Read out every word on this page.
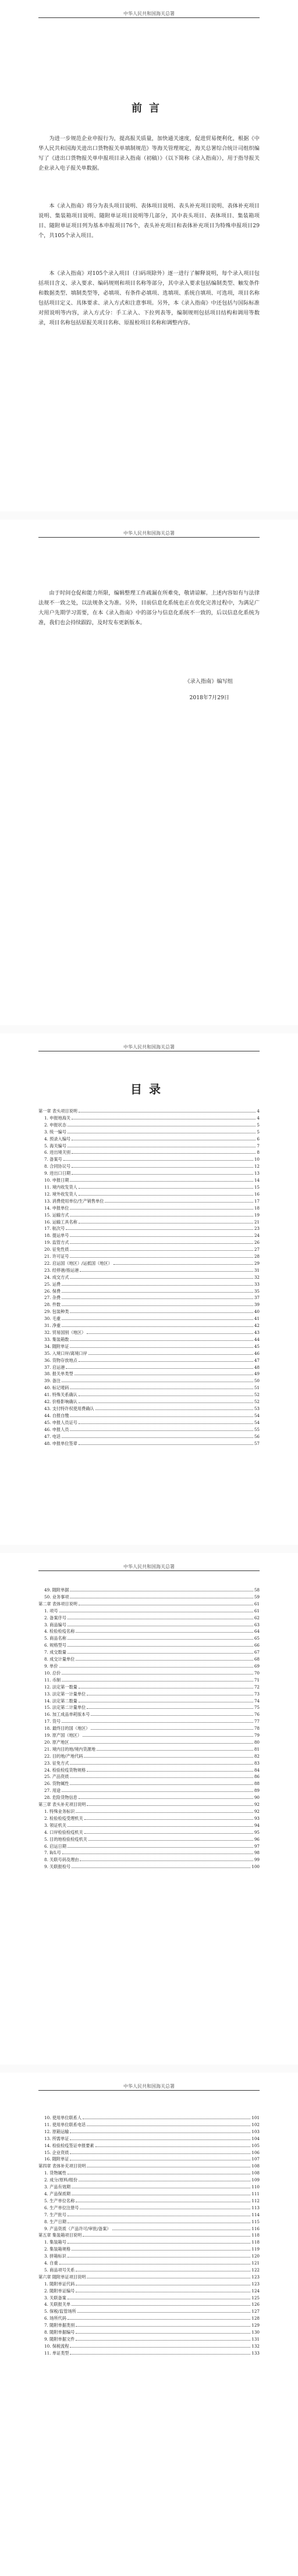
中华人民共和国海关总署
前言

为进一步规范企业申报行为，提高报关质量，加快通关速度，促进贸易便利化，根据《中华人民共和国海关进出口货物报关单填制规范》等海关管理规定，海关总署综合统计司组织编写了《进出口货物报关单申报项目录入指南（初稿）》（以下简称《录入指南》），用于指导报关企业录入电子报关单数据。

本《录入指南》将分为表头项目说明、表体项目说明、表头补充项目说明、表体补充项目说明、集装箱项目说明、随附单证项目说明等几部分，其中表头项目、表体项目、集装箱项目、随附单证项目列为基本申报项目76个，表头补充项目和表体补充项目为特殊申报项目29个，共105个录入项目。

本《录入指南》对105个录入项目（扫码项除外）逐一进行了解释说明，每个录入项目包括项目含义、录入要求、编码规则和项目名称等部分，其中录入要求包括编制类型、触发条件和数据类型、填制类型等，必填项、有条件必填项、选填项、系统自填项、可选项，项目名称包括项目定义、具体要求、录入方式和注意事项。另外，本《录入指南》中还包括与国际标准对照说明等内容，录入方式分：手工录入、下拉列表等，编制规则包括项目结构和调用等数录，项目名称包括原报关项目名称、原报检项目名称和调整内容。

中华人民共和国海关总署

由于时间仓促和能力所限，编辑整理工作疏漏在所难免，敬请谅解。上述内容如有与法律法规不一致之处，以法规条文为准。另外，目前信息化系统也正在优化完善过程中，为满足广大用户先期学习需要，在本《录入指南》中的部分与信息化系统不一致的，后以信息化系统为准，我们也会持续跟踪，及时发布更新版本。

《录入指南》编写组
2018年7月29日
中华人民共和国海关总署
目录
第一章 表头项目说明	4
1. 申报地海关	4
2. 申报状态	5
3. 统一编号	5
4. 预录入编号	6
5. 海关编号	7
6. 进出境关别	8
7. 备案号	10
8. 合同协议号	12
9. 进出口日期	13
10. 申报日期	14
11. 境内收发货人	15
12. 境外收发货人	16
13. 消费使用单位/生产销售单位	17
14. 申报单位	18
15. 运输方式	19
16. 运输工具名称	21
17. 航次号	23
18. 提运单号	24
19. 监管方式	26
20. 征免性质	27
21. 许可证号	28
22. 启运国（地区）/运抵国（地区）	29
23. 经停港/指运港	31
24. 成交方式	32
25. 运费	33
26. 保费	35
27. 杂费	37
28. 件数	39
29. 包装种类	40
30. 毛重	41
31. 净重	42
32. 贸易国别（地区）	43
33. 集装箱数	44
34. 随附单证	45
35. 入境口岸/离境口岸	46
36. 货物存放地点	47
37. 启运港	48
38. 报关单类型	49
39. 备注	50
40. 标记唛码	51
41. 特殊关系确认	52
42. 价格影响确认	52
43. 支付特许权使用费确认	53
44. 自报自缴	54
45. 申报人员证号	54
46. 申报人员	55
47. 电话	56
48. 申报单位签章	57
中华人民共和国海关总署
49. 随附单据	58
50. 业务事项	59
第二章 表体项目说明	61
1. 项号	61
2. 备案序号	62
3. 商品编号	63
4. 检验检疫名称	64
5. 商品名称	65
6. 规格型号	66
7. 成交数量	67
8. 成交计量单位	68
9. 单价	69
10. 总价	70
11. 币制	71
12. 法定第一数量	72
13. 法定第一计量单位	73
14. 法定第二数量	74
15. 法定第二计量单位	75
16. 加工成品单耗版本号	76
17. 货号	77
18. 最终目的国（地区）	78
19. 原产国（地区）	79
20. 原产地区	80
21. 境内目的地/境内货源地	81
22. 目的地/产地代码	82
23. 征免方式	83
24. 检验检疫货物规格	84
25. 产品资质	86
26. 货物属性	88
27. 用途	89
28. 危险货物信息	90
第三章 表头补充项目说明	92
1. 特殊业务标识	92
2. 检验检疫受理机关	93
3. 领证机关	94
4. 口岸检验检疫机关	95
5. 目的地检验检疫机关	96
6. 启运日期	97
7. B/L号	98
8. 关联号码及理由	99
9. 关联报检号	100
中华人民共和国海关总署
10. 使用单位联系人	101
11. 使用单位联系电话	102
12. 原箱运输	103
13. 所需单证	104
14. 检验检疫签证申报要素	105
15. 企业资质	106
16. 随附单证	107
第四章 表体补充项目说明	108
1. 货物属性	108
2. 成分/原料/组份	109
3. 产品有效期	110
4. 产品保质期	111
5. 生产单位名称	112
6. 生产单位注册号	113
7. 生产批号	114
8. 生产日期	115
9. 产品资质（产品许可/审批/备案）	116
第五章 集装箱项目说明	118
1. 集装箱号	118
2. 集装箱规格	119
3. 拼箱标识	120
4. 自重	121
5. 商品项号关系	122
第六章 随附单证项目说明	123
1. 随附单证代码	123
2. 随附单证编号	124
3. 关联备案	125
4. 关联报关单	126
5. 保税/监管场所	127
6. 场所代码	128
7. 随附单据类别	129
8. 随附单据编号	130
9. 随附单据文件	131
10. 保税流程	132
11. 单证类型	133
